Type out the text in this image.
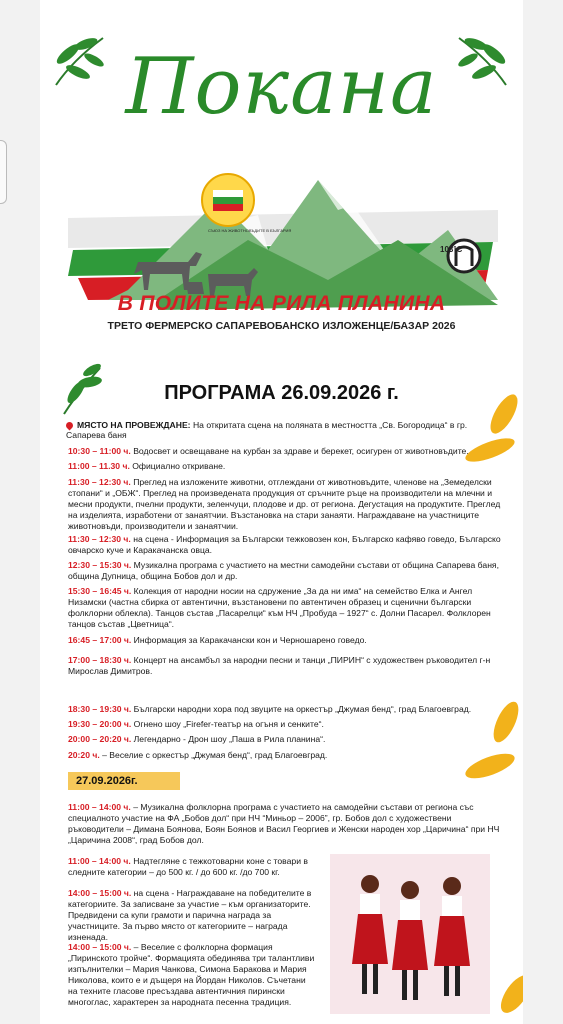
Покана
103°C
СЪЮЗ НА ЖИВОТНОВЪДИТЕ В БЪЛГАРИЯ
В ПОЛИТЕ НА РИЛА ПЛАНИНА
ТРЕТО ФЕРМЕРСКО САПАРЕВОБАНСКО ИЗЛОЖЕНЦЕ/БАЗАР 2026
ПРОГРАМА 26.09.2026 г.
МЯСТО НА ПРОВЕЖДАНЕ: На откритата сцена на поляната в местността „Св. Богородица“ в гр. Сапарева баня
10:30 – 11:00 ч. Водосвет и освещаване на курбан за здраве и берекет, осигурен от животновъдите.
11:00 – 11.30 ч. Официално откриване.
11:30 – 12:30 ч. Преглед на изложените животни, отглеждани от животновъдите, членове на „Земеделски стопани“ и „ОБЖ“. Преглед на произведената продукция от сръчните ръце на производители на млечни и месни продукти, пчелни продукти, зеленчуци, плодове и др. от региона. Дегустация на продуктите. Преглед на изделията, изработени от занаятчии. Възстановка на стари занаяти. Награждаване на участниците животновъди, производители и занаятчии.
11:30 – 12:30 ч. на сцена - Информация за Български тежковозен кон, Българско кафяво говедо, Българско овчарско куче и Каракачанска овца.
12:30 – 15:30 ч. Музикална програма с участието на местни самодейни състави от община Сапарева баня, община Дупница, община Бобов дол и др.
15:30 – 16:45 ч. Колекция от народни носии на сдружение „За да ни има“ на семейство Елка и Ангел Низамски (частна сбирка от автентични, възстановени по автентичен образец и сценични български фолклорни облекла). Танцов състав „Пасарелци“ към НЧ „Пробуда – 1927“ с. Долни Пасарел. Фолклорен танцов състав „Цветница“.
16:45 – 17:00 ч. Информация за Каракачански кон и Черношарено говедо.
17:00 – 18:30 ч. Концерт на ансамбъл за народни песни и танци „ПИРИН“ с художествен ръководител г-н Мирослав Димитров.
18:30 – 19:30 ч. Български народни хора под звуците на оркестър „Джумая бенд“, град Благоевград.
19:30 – 20:00 ч. Огнено шоу „Firefer-театър на огъня и сенките“.
20:00 – 20:20 ч. Легендарно - Дрон шоу „Паша в Рила планина“.
20:20 ч. – Веселие с оркестър „Джумая бенд“, град Благоевград.
27.09.2026г.
11:00 – 14:00 ч. – Музикална фолклорна програма с участието на самодейни състави от региона със специалното участие на ФА „Бобов дол“ при НЧ “Миньор – 2006”, гр. Бобов дол с художествени ръководители – Димана Боянова, Боян Боянов и Васил Георгиев и Женски народен хор „Царичина“ при НЧ „Царичина 2008“, град Бобов дол.
11:00 – 14:00 ч. Надтегляне с тежкотоварни коне с товари в следните категории – до 500 кг. / до 600 кг. /до 700 кг.
14:00 – 15:00 ч. на сцена - Награждаване на победителите в категориите. За записване за участие – към организаторите. Предвидени са купи грамоти и парична награда за участниците. За първо място от категориите – награда изненада.
14:00 – 15:00 ч. – Веселие с фолклорна формация „Пиринското тройче“. Формацията обединява три талантливи изпълнителки – Мария Чанкова, Симона Баракова и Мария Николова, които е и дъщеря на Йордан Николов. Съчетани на техните гласове пресъздава автентичния пирински многоглас, характерен за народната песенна традиция.
